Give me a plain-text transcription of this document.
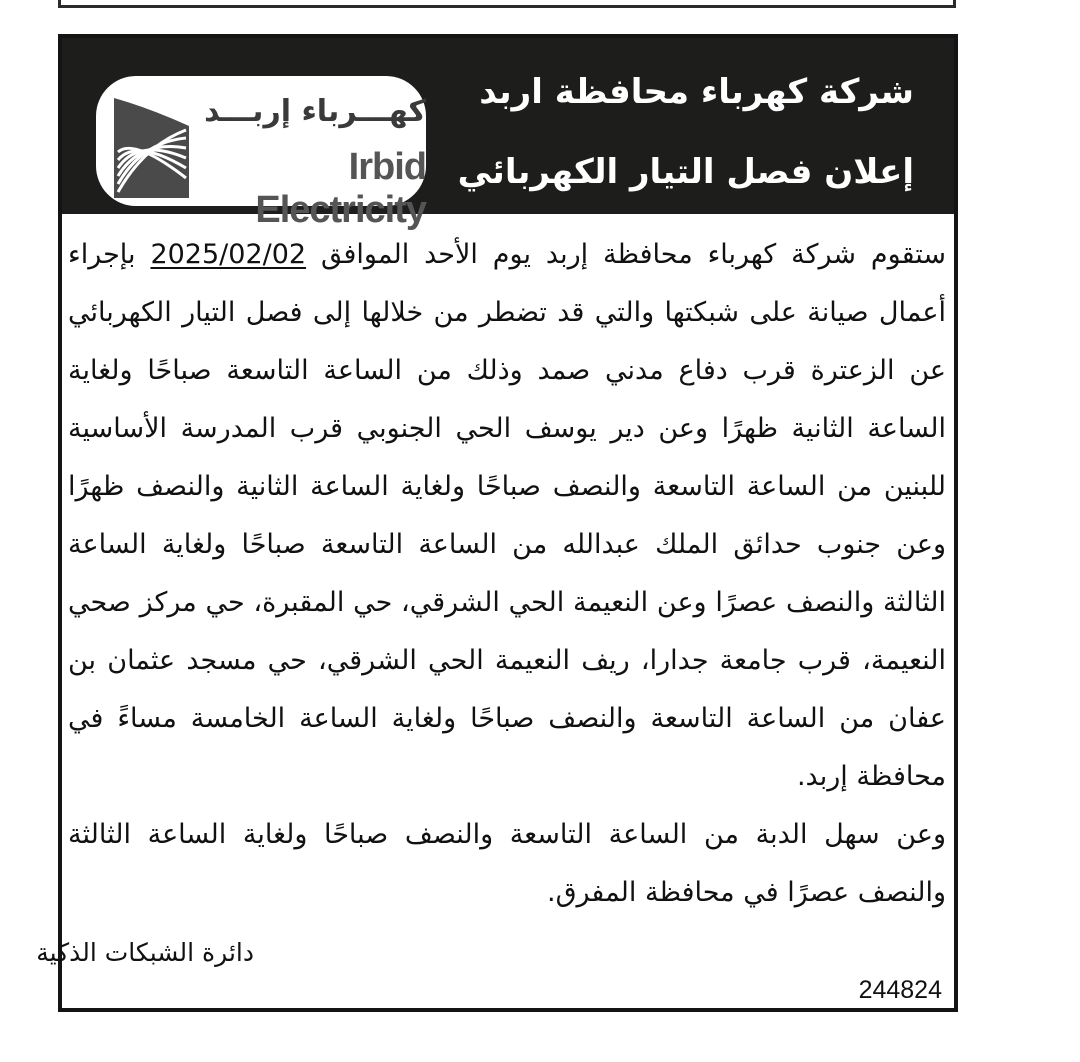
كهـــرباء إربـــد
Irbid Electricity
شركة كهرباء محافظة اربد
إعلان فصل التيار الكهربائي

ستقوم شركة كهرباء محافظة إربد يوم الأحد الموافق 2025/02/02 بإجراء أعمال صيانة على شبكتها والتي قد تضطر من خلالها إلى فصل التيار الكهربائي عن الزعترة قرب دفاع مدني صمد وذلك من الساعة التاسعة صباحًا ولغاية الساعة الثانية ظهرًا وعن دير يوسف الحي الجنوبي قرب المدرسة الأساسية للبنين من الساعة التاسعة والنصف صباحًا ولغاية الساعة الثانية والنصف ظهرًا وعن جنوب حدائق الملك عبدالله من الساعة التاسعة صباحًا ولغاية الساعة الثالثة والنصف عصرًا وعن النعيمة الحي الشرقي، حي المقبرة، حي مركز صحي النعيمة، قرب جامعة جدارا، ريف النعيمة الحي الشرقي، حي مسجد عثمان بن عفان من الساعة التاسعة والنصف صباحًا ولغاية الساعة الخامسة مساءً في محافظة إربد.

وعن سهل الدبة من الساعة التاسعة والنصف صباحًا ولغاية الساعة الثالثة والنصف عصرًا في محافظة المفرق.

دائرة الشبكات الذكية
244824
